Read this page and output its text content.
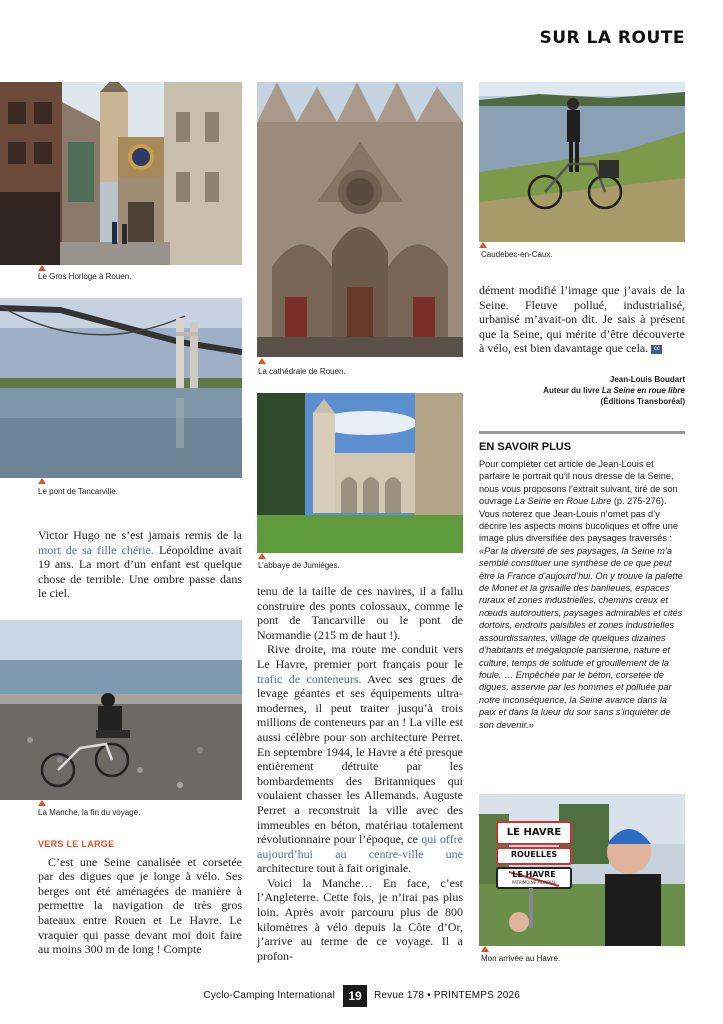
SUR LA ROUTE
Le Gros Horloge à Rouen.
La cathédrale de Rouen.
Caudebec-en-Caux.
Le pont de Tancarville.
L’abbaye de Jumièges.

Victor Hugo ne s’est jamais remis de la mort de sa fille chérie. Léopoldine avait 19 ans. La mort d’un enfant est quelque chose de terrible. Une ombre passe dans le ciel.

La Manche, la fin du voyage.
VERS LE LARGE

C’est une Seine canalisée et corsetée par des digues que je longe à vélo. Ses berges ont été aménagées de manière à permettre la navigation de très gros bateaux entre Rouen et Le Havre. Le vraquier qui passe devant moi doit faire au moins 300 m de long ! Compte

tenu de la taille de ces navires, il a fallu construire des ponts colossaux, comme le pont de Tancarville ou le pont de Normandie (215 m de haut !).

Rive droite, ma route me conduit vers Le Havre, premier port français pour le trafic de conteneurs. Avec ses grues de levage géantes et ses équipements ultra-modernes, il peut traiter jusqu’à trois millions de conteneurs par an ! La ville est aussi célèbre pour son architecture Perret. En septembre 1944, le Havre a été presque entièrement détruite par les bombardements des Britanniques qui voulaient chasser les Allemands. Auguste Perret a reconstruit la ville avec des immeubles en béton, matériau totalement révolutionnaire pour l’époque, ce qui offre aujourd’hui au centre-ville une architecture tout à fait originale.

Voici la Manche… En face, c’est l’Angleterre. Cette fois, je n’irai pas plus loin. Après avoir parcouru plus de 800 kilomètres à vélo depuis la Côte d’Or, j’arrive au terme de ce voyage. Il a profon-

dément modifié l’image que j’avais de la Seine. Fleuve pollué, industrialisé, urbanisé m’avait-on dit. Je sais à présent que la Seine, qui mérite d’être découverte à vélo, est bien davantage que cela. cc

Jean-Louis Boudart
Auteur du livre La Seine en roue libre
(Éditions Transboréal)
EN SAVOIR PLUS

Pour compléter cet article de Jean-Louis et parfaire le portrait qu’il nous dresse de la Seine, nous vous proposons l’extrait suivant, tiré de son ouvrage La Seine en Roue Libre (p. 275-276). Vous noterez que Jean-Louis n’omet pas d’y décrire les aspects moins bucoliques et offre une image plus diversifiée des paysages traversés :

«Par la diversité de ses paysages, la Seine m’a semblé constituer une synthèse de ce que peut être la France d’aujourd’hui. On y trouve la palette de Monet et la grisaille des banlieues, espaces ruraux et zones industrielles, chemins creux et nœuds autoroutiers, paysages admirables et cités dortoirs, endroits paisibles et zones industrielles assourdissantes, village de quelques dizaines d’habitants et mégalopole parisienne, nature et culture, temps de solitude et grouillement de la foule. … Empêchée par le béton, corsetée de digues, asservie par les hommes et polluée par notre inconséquence, la Seine avance dans la paix et dans la lueur du soir sans s’inquiéter de son devenir.»

LE HAVRE
ROUELLES
LE HAVRE
PATRIMOINE MONDIAL
Mon arrivée au Havre.
Cyclo-Camping International	19	Revue 178 • PRINTEMPS 2026
